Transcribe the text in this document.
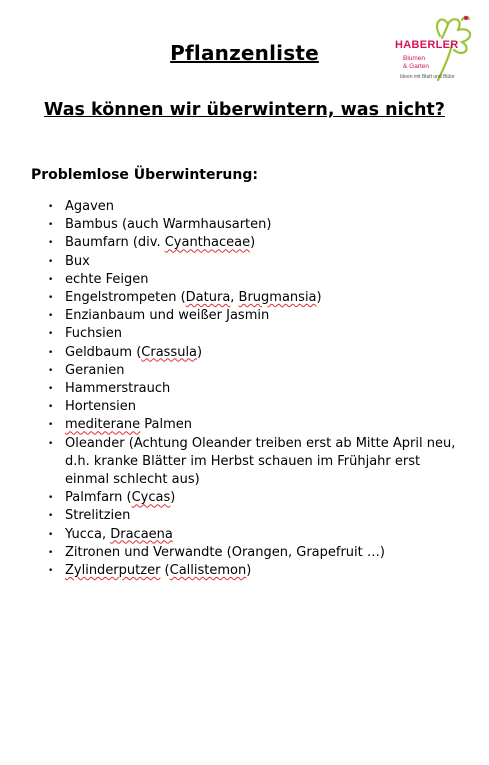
Pflanzenliste	HABERLER
Blumen
& Garten
Ideen mit Blatt und Blüte
Was können wir überwintern, was nicht?
Problemlose Überwinterung:
• Agaven
• Bambus (auch Warmhausarten)
• Baumfarn (div. Cyanthaceae)
• Bux
• echte Feigen
• Engelstrompeten (Datura, Brugmansia)
• Enzianbaum und weißer Jasmin
• Fuchsien
• Geldbaum (Crassula)
• Geranien
• Hammerstrauch
• Hortensien
• mediterane Palmen
• Oleander (Achtung Oleander treiben erst ab Mitte April neu, d.h. kranke Blätter im Herbst schauen im Frühjahr erst einmal schlecht aus)
• Palmfarn (Cycas)
• Strelitzien
• Yucca, Dracaena
• Zitronen und Verwandte (Orangen, Grapefruit …)
• Zylinderputzer (Callistemon)
